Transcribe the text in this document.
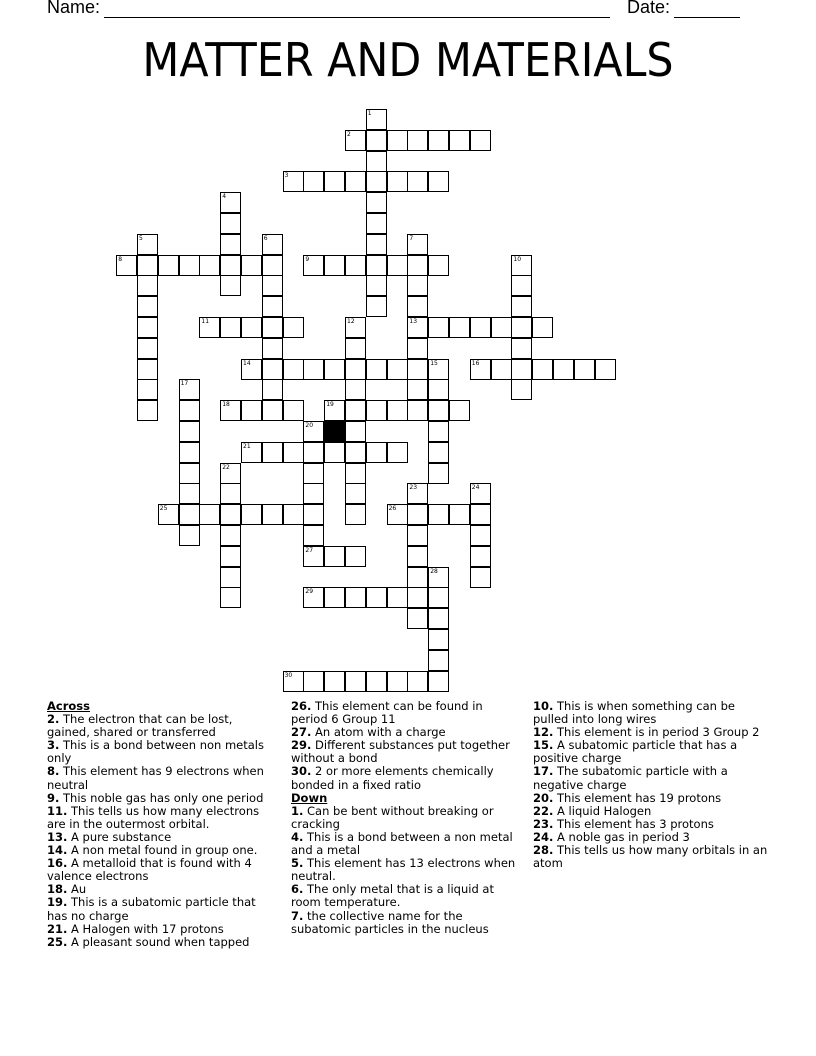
Name:	Date:
MATTER AND MATERIALS
1
2
3
4
5	6	7
8	9	10
11	12	13
14	15	16
17
18	19
20
21
22
23	24
25	26
27
28
29
30
Across
2. The electron that can be lost, gained, shared or transferred
3. This is a bond between non metals only
8. This element has 9 electrons when neutral
9. This noble gas has only one period
11. This tells us how many electrons are in the outermost orbital.
13. A pure substance
14. A non metal found in group one.
16. A metalloid that is found with 4 valence electrons
18. Au
19. This is a subatomic particle that has no charge
21. A Halogen with 17 protons
25. A pleasant sound when tapped
26. This element can be found in period 6 Group 11
27. An atom with a charge
29. Different substances put together without a bond
30. 2 or more elements chemically bonded in a fixed ratio
Down
1. Can be bent without breaking or cracking
4. This is a bond between a non metal and a metal
5. This element has 13 electrons when neutral.
6. The only metal that is a liquid at room temperature.
7. the collective name for the subatomic particles in the nucleus
10. This is when something can be pulled into long wires
12. This element is in period 3 Group 2
15. A subatomic particle that has a positive charge
17. The subatomic particle with a negative charge
20. This element has 19 protons
22. A liquid Halogen
23. This element has 3 protons
24. A noble gas in period 3
28. This tells us how many orbitals in an atom
